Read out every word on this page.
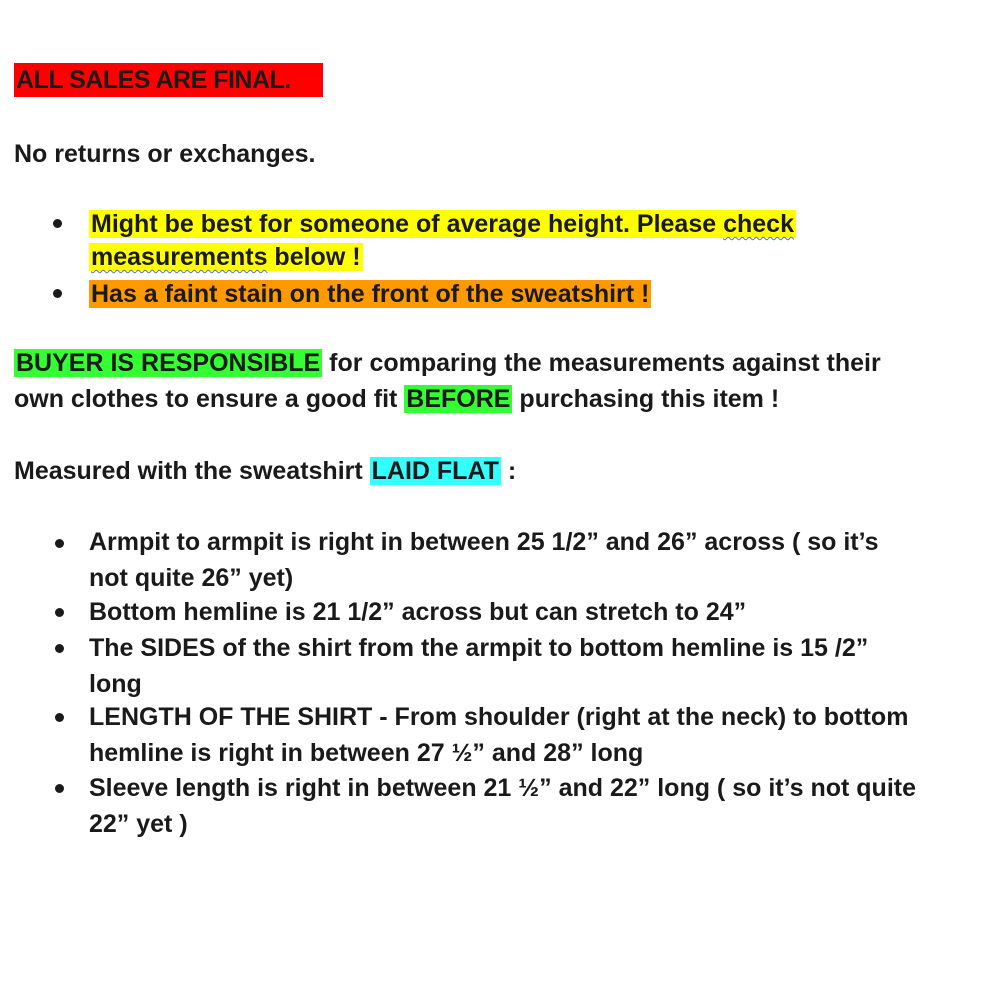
ALL SALES ARE FINAL.
No returns or exchanges.
Might be best for someone of average height. Please check
measurements below !
Has a faint stain on the front of the sweatshirt !
BUYER IS RESPONSIBLE for comparing the measurements against their
own clothes to ensure a good fit BEFORE purchasing this item !
Measured with the sweatshirt LAID FLAT :
Armpit to armpit is right in between 25 1/2” and 26” across ( so it’s
not quite 26” yet)
Bottom hemline is 21 1/2” across but can stretch to 24”
The SIDES of the shirt from the armpit to bottom hemline is 15 /2”
long
LENGTH OF THE SHIRT - From shoulder (right at the neck) to bottom
hemline is right in between 27 ½” and 28” long
Sleeve length is right in between 21 ½” and 22” long ( so it’s not quite
22” yet )
